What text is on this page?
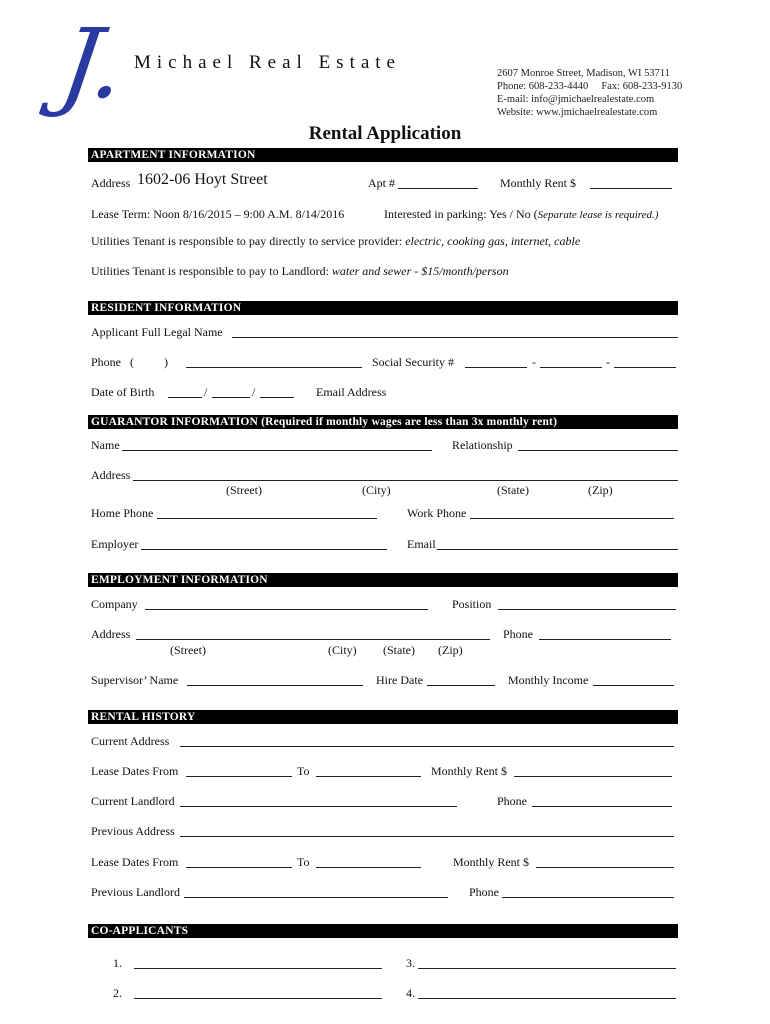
J. Michael Real Estate
2607 Monroe Street, Madison, WI 53711
Phone: 608-233-4440     Fax: 608-233-9130
E-mail: info@jmichaelrealestate.com
Website: www.jmichaelrealestate.com
Rental Application
APARTMENT INFORMATION
Address 1602-06 Hoyt Street	Apt #	Monthly Rent $
Lease Term: Noon 8/16/2015 – 9:00 A.M. 8/14/2016	Interested in parking: Yes / No (Separate lease is required.)
Utilities Tenant is responsible to pay directly to service provider: electric, cooking gas, internet, cable
Utilities Tenant is responsible to pay to Landlord: water and sewer - $15/month/person
RESIDENT INFORMATION
Applicant Full Legal Name
Phone   (          )	Social Security #	-	-
Date of Birth	/	/	Email Address
GUARANTOR INFORMATION (Required if monthly wages are less than 3x monthly rent)
Name	Relationship
Address
(Street)	(City)	(State)	(Zip)
Home Phone	Work Phone
Employer	Email
EMPLOYMENT INFORMATION
Company	Position
Address	Phone
(Street)	(City) (State) (Zip)
Supervisor’ Name	Hire Date	Monthly Income
RENTAL HISTORY
Current Address
Lease Dates From	To	Monthly Rent $
Current Landlord	Phone
Previous Address
Lease Dates From	To	Monthly Rent $
Previous Landlord	Phone
CO-APPLICANTS
1.	3.
2.	4.
